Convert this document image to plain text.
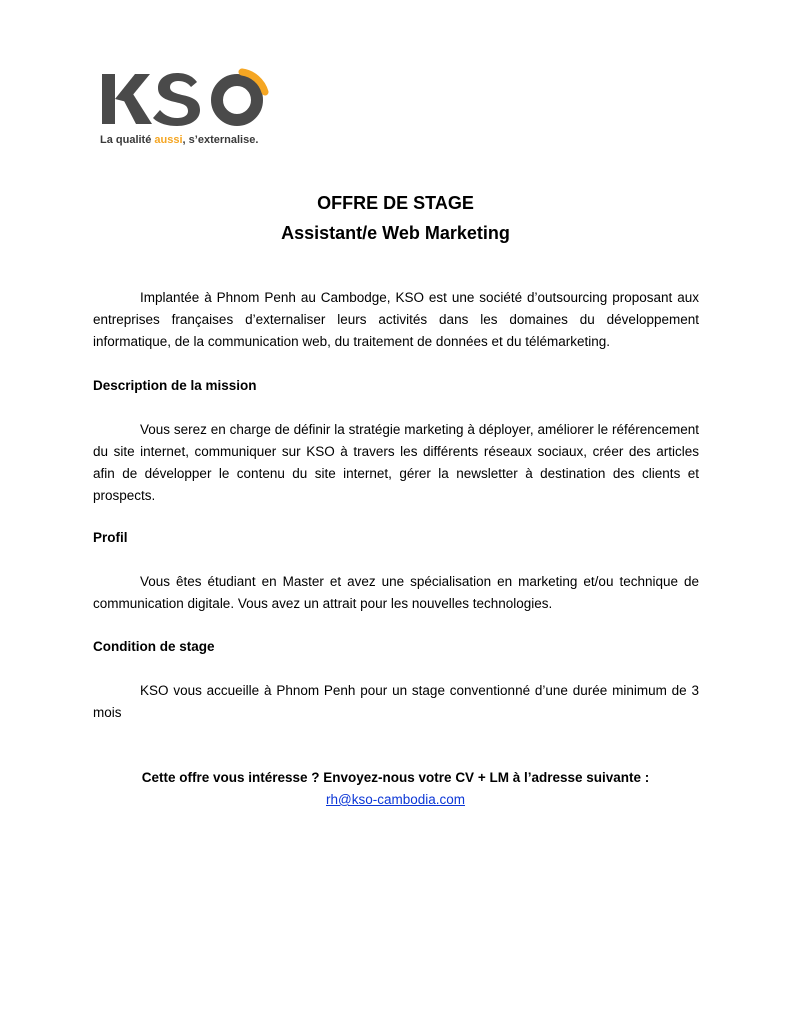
La qualité aussi, s’externalise.
OFFRE DE STAGE
Assistant/e Web Marketing

Implantée à Phnom Penh au Cambodge, KSO est une société d’outsourcing proposant aux entreprises françaises d’externaliser leurs activités dans les domaines du développement informatique, de la communication web, du traitement de données et du télémarketing.

Description de la mission

Vous serez en charge de définir la stratégie marketing à déployer, améliorer le référencement du site internet, communiquer sur KSO à travers les différents réseaux sociaux, créer des articles afin de développer le contenu du site internet, gérer la newsletter à destination des clients et prospects.

Profil

Vous êtes étudiant en Master et avez une spécialisation en marketing et/ou technique de communication digitale. Vous avez un attrait pour les nouvelles technologies.

Condition de stage

KSO vous accueille à Phnom Penh pour un stage conventionné d’une durée minimum de 3 mois

Cette offre vous intéresse ? Envoyez-nous votre CV + LM à l’adresse suivante :
rh@kso-cambodia.com
